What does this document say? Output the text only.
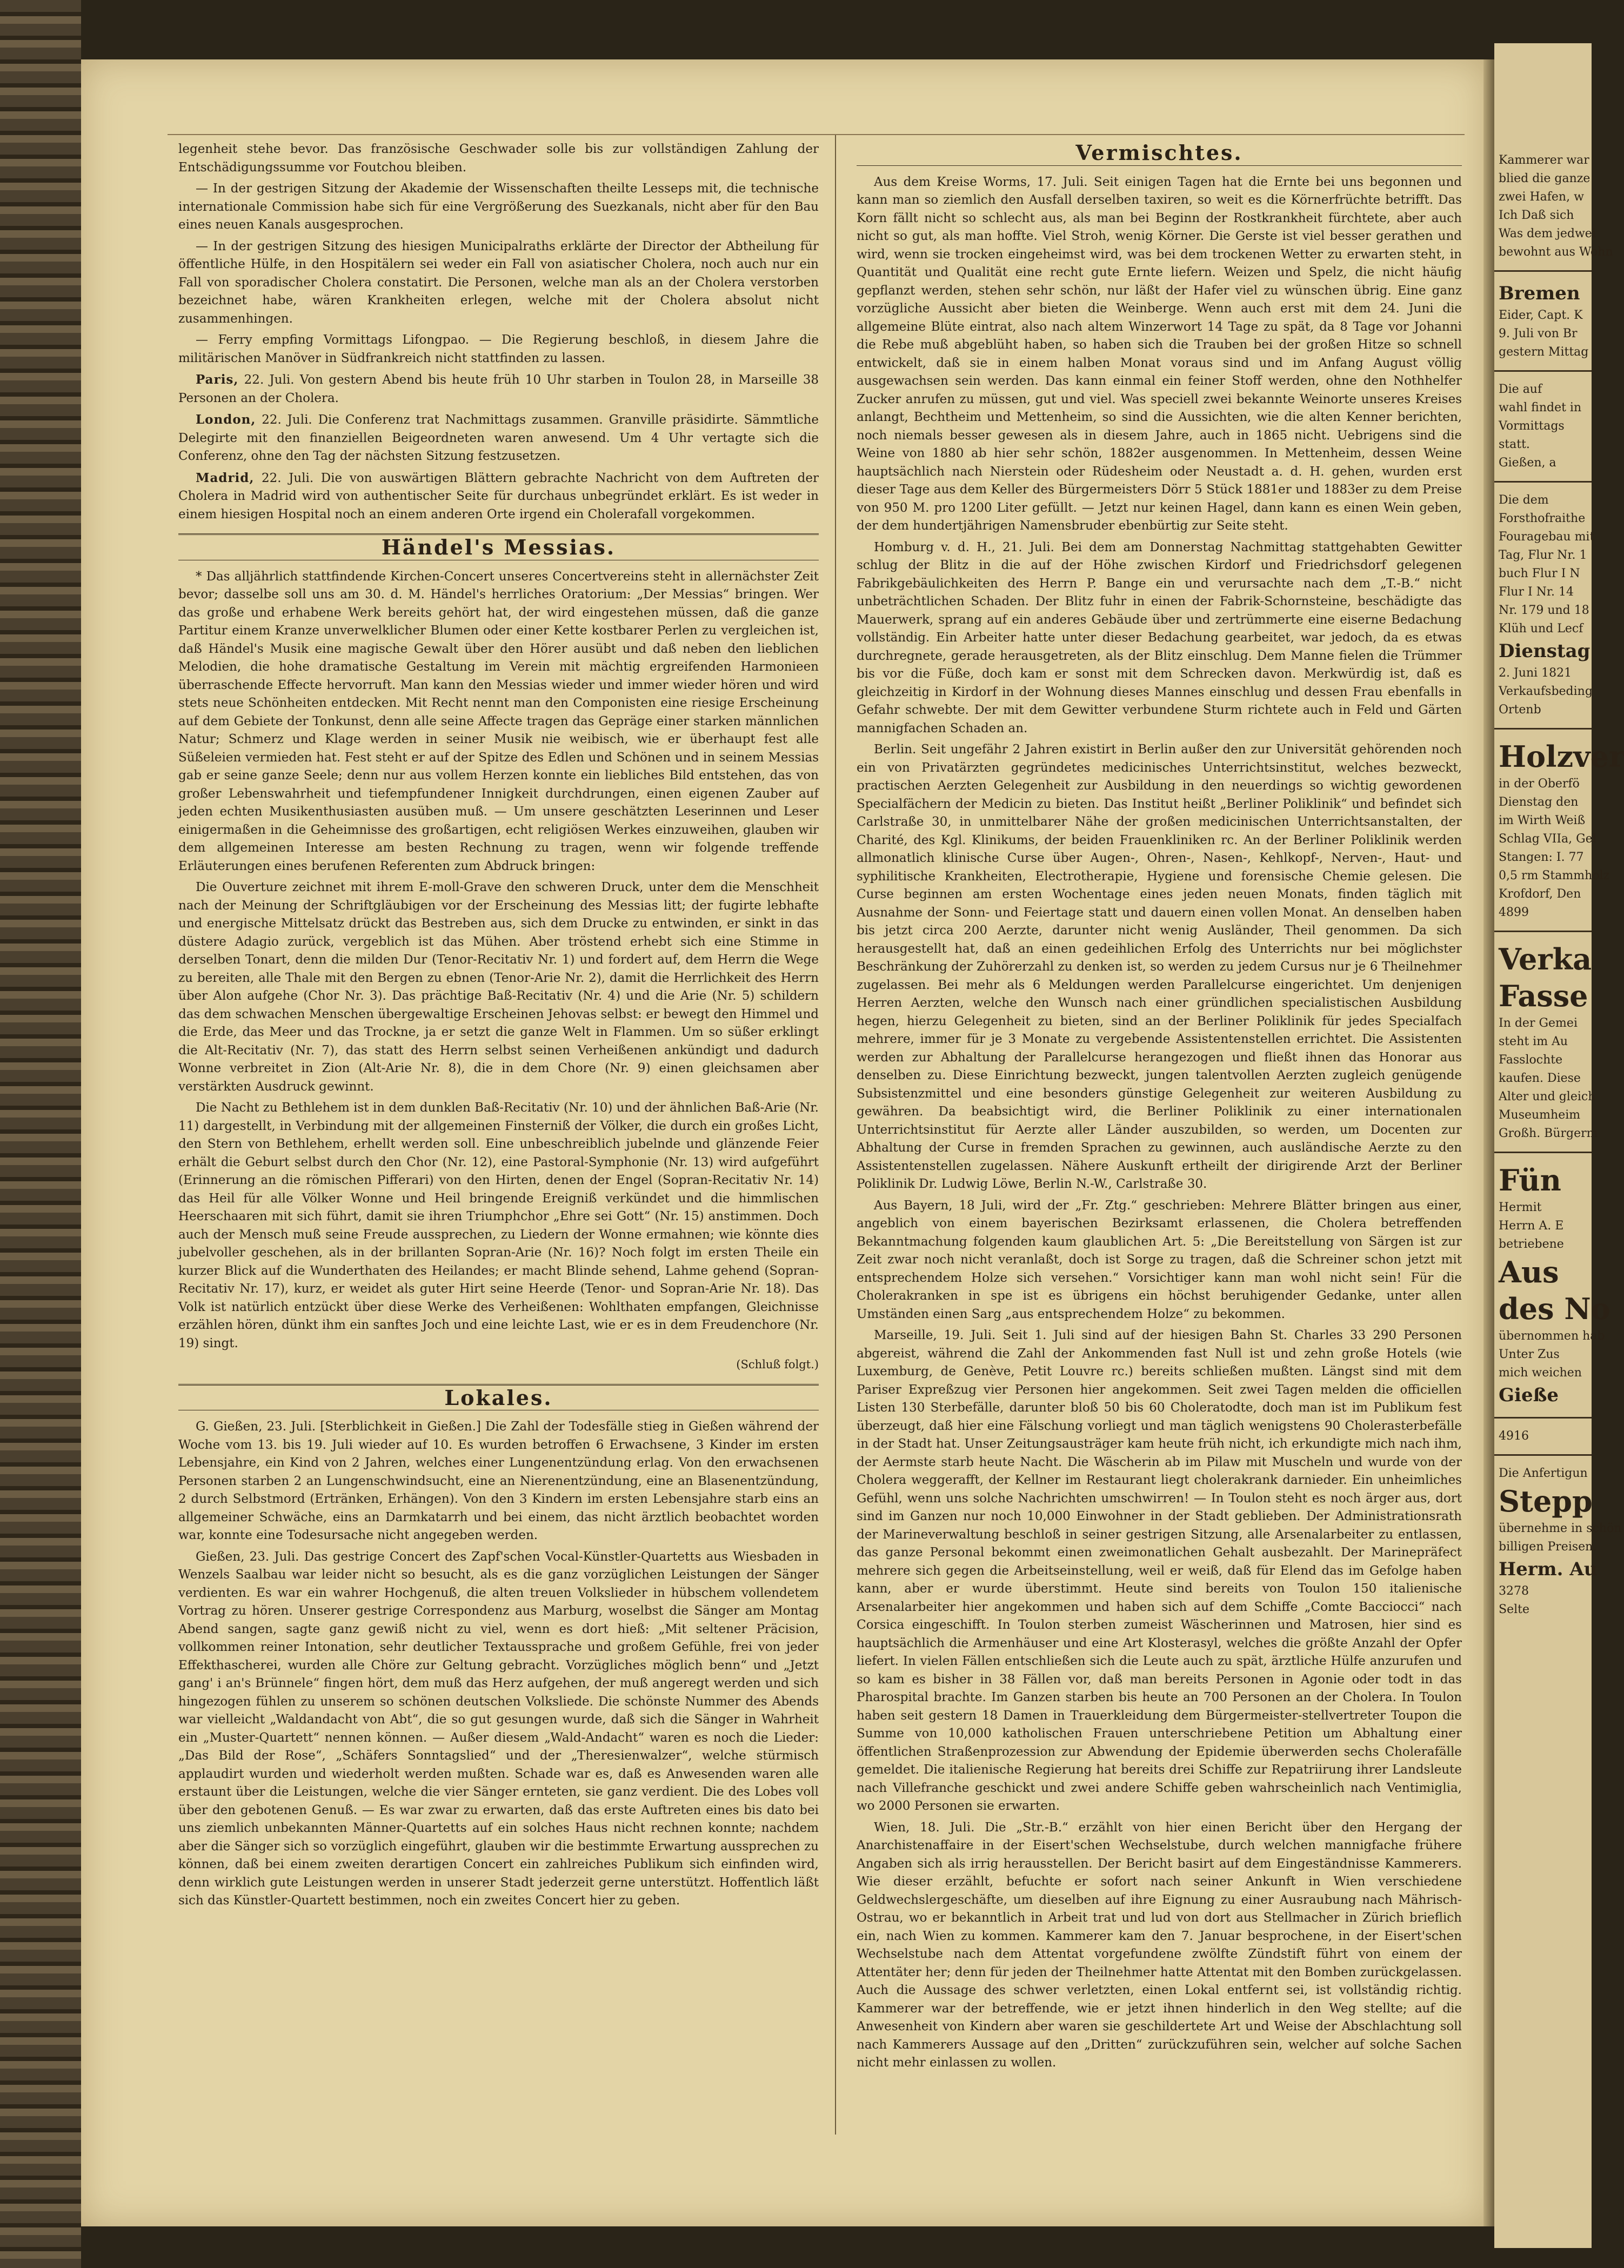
legenheit stehe bevor. Das französische Geschwader solle bis zur vollständigen Zahlung der Entschädigungssumme vor Foutchou bleiben.

— In der gestrigen Sitzung der Akademie der Wissenschaften theilte Lesseps mit, die technische internationale Commission habe sich für eine Vergrößerung des Suezkanals, nicht aber für den Bau eines neuen Kanals ausgesprochen.

— In der gestrigen Sitzung des hiesigen Municipalraths erklärte der Director der Abtheilung für öffentliche Hülfe, in den Hospitälern sei weder ein Fall von asiatischer Cholera, noch auch nur ein Fall von sporadischer Cholera constatirt. Die Personen, welche man als an der Cholera verstorben bezeichnet habe, wären Krankheiten erlegen, welche mit der Cholera absolut nicht zusammenhingen.

— Ferry empfing Vormittags Lifongpao. — Die Regierung beschloß, in diesem Jahre die militärischen Manöver in Südfrankreich nicht stattfinden zu lassen.

Paris, 22. Juli. Von gestern Abend bis heute früh 10 Uhr starben in Toulon 28, in Marseille 38 Personen an der Cholera.

London, 22. Juli. Die Conferenz trat Nachmittags zusammen. Granville präsidirte. Sämmtliche Delegirte mit den finanziellen Beigeordneten waren anwesend. Um 4 Uhr vertagte sich die Conferenz, ohne den Tag der nächsten Sitzung festzusetzen.

Madrid, 22. Juli. Die von auswärtigen Blättern gebrachte Nachricht von dem Auftreten der Cholera in Madrid wird von authentischer Seite für durchaus unbegründet erklärt. Es ist weder in einem hiesigen Hospital noch an einem anderen Orte irgend ein Cholerafall vorgekommen.

Händel's Messias.

* Das alljährlich stattfindende Kirchen-Concert unseres Concertvereins steht in allernächster Zeit bevor; dasselbe soll uns am 30. d. M. Händel's herrliches Oratorium: „Der Messias“ bringen. Wer das große und erhabene Werk bereits gehört hat, der wird eingestehen müssen, daß die ganze Partitur einem Kranze unverwelklicher Blumen oder einer Kette kostbarer Perlen zu vergleichen ist, daß Händel's Musik eine magische Gewalt über den Hörer ausübt und daß neben den lieblichen Melodien, die hohe dramatische Gestaltung im Verein mit mächtig ergreifenden Harmonieen überraschende Effecte hervorruft. Man kann den Messias wieder und immer wieder hören und wird stets neue Schönheiten entdecken. Mit Recht nennt man den Componisten eine riesige Erscheinung auf dem Gebiete der Tonkunst, denn alle seine Affecte tragen das Gepräge einer starken männlichen Natur; Schmerz und Klage werden in seiner Musik nie weibisch, wie er überhaupt fest alle Süßeleien vermieden hat. Fest steht er auf der Spitze des Edlen und Schönen und in seinem Messias gab er seine ganze Seele; denn nur aus vollem Herzen konnte ein liebliches Bild entstehen, das von großer Lebenswahrheit und tiefempfundener Innigkeit durchdrungen, einen eigenen Zauber auf jeden echten Musikenthusiasten ausüben muß. — Um unsere geschätzten Leserinnen und Leser einigermaßen in die Geheimnisse des großartigen, echt religiösen Werkes einzuweihen, glauben wir dem allgemeinen Interesse am besten Rechnung zu tragen, wenn wir folgende treffende Erläuterungen eines berufenen Referenten zum Abdruck bringen:

Die Ouverture zeichnet mit ihrem E-moll-Grave den schweren Druck, unter dem die Menschheit nach der Meinung der Schriftgläubigen vor der Erscheinung des Messias litt; der fugirte lebhafte und energische Mittelsatz drückt das Bestreben aus, sich dem Drucke zu entwinden, er sinkt in das düstere Adagio zurück, vergeblich ist das Mühen. Aber tröstend erhebt sich eine Stimme in derselben Tonart, denn die milden Dur (Tenor-Recitativ Nr. 1) und fordert auf, dem Herrn die Wege zu bereiten, alle Thale mit den Bergen zu ebnen (Tenor-Arie Nr. 2), damit die Herrlichkeit des Herrn über Alon aufgehe (Chor Nr. 3). Das prächtige Baß-Recitativ (Nr. 4) und die Arie (Nr. 5) schildern das dem schwachen Menschen übergewaltige Erscheinen Jehovas selbst: er bewegt den Himmel und die Erde, das Meer und das Trockne, ja er setzt die ganze Welt in Flammen. Um so süßer erklingt die Alt-Recitativ (Nr. 7), das statt des Herrn selbst seinen Verheißenen ankündigt und dadurch Wonne verbreitet in Zion (Alt-Arie Nr. 8), die in dem Chore (Nr. 9) einen gleichsamen aber verstärkten Ausdruck gewinnt.

Die Nacht zu Bethlehem ist in dem dunklen Baß-Recitativ (Nr. 10) und der ähnlichen Baß-Arie (Nr. 11) dargestellt, in Verbindung mit der allgemeinen Finsterniß der Völker, die durch ein großes Licht, den Stern von Bethlehem, erhellt werden soll. Eine unbeschreiblich jubelnde und glänzende Feier erhält die Geburt selbst durch den Chor (Nr. 12), eine Pastoral-Symphonie (Nr. 13) wird aufgeführt (Erinnerung an die römischen Pifferari) von den Hirten, denen der Engel (Sopran-Recitativ Nr. 14) das Heil für alle Völker Wonne und Heil bringende Ereigniß verkündet und die himmlischen Heerschaaren mit sich führt, damit sie ihren Triumphchor „Ehre sei Gott“ (Nr. 15) anstimmen. Doch auch der Mensch muß seine Freude aussprechen, zu Liedern der Wonne ermahnen; wie könnte dies jubelvoller geschehen, als in der brillanten Sopran-Arie (Nr. 16)? Noch folgt im ersten Theile ein kurzer Blick auf die Wunderthaten des Heilandes; er macht Blinde sehend, Lahme gehend (Sopran-Recitativ Nr. 17), kurz, er weidet als guter Hirt seine Heerde (Tenor- und Sopran-Arie Nr. 18). Das Volk ist natürlich entzückt über diese Werke des Verheißenen: Wohlthaten empfangen, Gleichnisse erzählen hören, dünkt ihm ein sanftes Joch und eine leichte Last, wie er es in dem Freudenchore (Nr. 19) singt.

(Schluß folgt.)
Lokales.

G. Gießen, 23. Juli. [Sterblichkeit in Gießen.] Die Zahl der Todesfälle stieg in Gießen während der Woche vom 13. bis 19. Juli wieder auf 10. Es wurden betroffen 6 Erwachsene, 3 Kinder im ersten Lebensjahre, ein Kind von 2 Jahren, welches einer Lungenentzündung erlag. Von den erwachsenen Personen starben 2 an Lungenschwindsucht, eine an Nierenentzündung, eine an Blasenentzündung, 2 durch Selbstmord (Ertränken, Erhängen). Von den 3 Kindern im ersten Lebensjahre starb eins an allgemeiner Schwäche, eins an Darmkatarrh und bei einem, das nicht ärztlich beobachtet worden war, konnte eine Todesursache nicht angegeben werden.

Gießen, 23. Juli. Das gestrige Concert des Zapf'schen Vocal-Künstler-Quartetts aus Wiesbaden in Wenzels Saalbau war leider nicht so besucht, als es die ganz vorzüglichen Leistungen der Sänger verdienten. Es war ein wahrer Hochgenuß, die alten treuen Volkslieder in hübschem vollendetem Vortrag zu hören. Unserer gestrige Correspondenz aus Marburg, woselbst die Sänger am Montag Abend sangen, sagte ganz gewiß nicht zu viel, wenn es dort hieß: „Mit seltener Präcision, vollkommen reiner Intonation, sehr deutlicher Textaussprache und großem Gefühle, frei von jeder Effekthascherei, wurden alle Chöre zur Geltung gebracht. Vorzügliches möglich benn“ und „Jetzt gang' i an's Brünnele“ fingen hört, dem muß das Herz aufgehen, der muß angeregt werden und sich hingezogen fühlen zu unserem so schönen deutschen Volksliede. Die schönste Nummer des Abends war vielleicht „Waldandacht von Abt“, die so gut gesungen wurde, daß sich die Sänger in Wahrheit ein „Muster-Quartett“ nennen können. — Außer diesem „Wald-Andacht“ waren es noch die Lieder: „Das Bild der Rose“, „Schäfers Sonntagslied“ und der „Theresienwalzer“, welche stürmisch applaudirt wurden und wiederholt werden mußten. Schade war es, daß es Anwesenden waren alle erstaunt über die Leistungen, welche die vier Sänger ernteten, sie ganz verdient. Die des Lobes voll über den gebotenen Genuß. — Es war zwar zu erwarten, daß das erste Auftreten eines bis dato bei uns ziemlich unbekannten Männer-Quartetts auf ein solches Haus nicht rechnen konnte; nachdem aber die Sänger sich so vorzüglich eingeführt, glauben wir die bestimmte Erwartung aussprechen zu können, daß bei einem zweiten derartigen Concert ein zahlreiches Publikum sich einfinden wird, denn wirklich gute Leistungen werden in unserer Stadt jederzeit gerne unterstützt. Hoffentlich läßt sich das Künstler-Quartett bestimmen, noch ein zweites Concert hier zu geben.

Vermischtes.

Aus dem Kreise Worms, 17. Juli. Seit einigen Tagen hat die Ernte bei uns begonnen und kann man so ziemlich den Ausfall derselben taxiren, so weit es die Körnerfrüchte betrifft. Das Korn fällt nicht so schlecht aus, als man bei Beginn der Rostkrankheit fürchtete, aber auch nicht so gut, als man hoffte. Viel Stroh, wenig Körner. Die Gerste ist viel besser gerathen und wird, wenn sie trocken eingeheimst wird, was bei dem trockenen Wetter zu erwarten steht, in Quantität und Qualität eine recht gute Ernte liefern. Weizen und Spelz, die nicht häufig gepflanzt werden, stehen sehr schön, nur läßt der Hafer viel zu wünschen übrig. Eine ganz vorzügliche Aussicht aber bieten die Weinberge. Wenn auch erst mit dem 24. Juni die allgemeine Blüte eintrat, also nach altem Winzerwort 14 Tage zu spät, da 8 Tage vor Johanni die Rebe muß abgeblüht haben, so haben sich die Trauben bei der großen Hitze so schnell entwickelt, daß sie in einem halben Monat voraus sind und im Anfang August völlig ausgewachsen sein werden. Das kann einmal ein feiner Stoff werden, ohne den Nothhelfer Zucker anrufen zu müssen, gut und viel. Was speciell zwei bekannte Weinorte unseres Kreises anlangt, Bechtheim und Mettenheim, so sind die Aussichten, wie die alten Kenner berichten, noch niemals besser gewesen als in diesem Jahre, auch in 1865 nicht. Uebrigens sind die Weine von 1880 ab hier sehr schön, 1882er ausgenommen. In Mettenheim, dessen Weine hauptsächlich nach Nierstein oder Rüdesheim oder Neustadt a. d. H. gehen, wurden erst dieser Tage aus dem Keller des Bürgermeisters Dörr 5 Stück 1881er und 1883er zu dem Preise von 950 M. pro 1200 Liter gefüllt. — Jetzt nur keinen Hagel, dann kann es einen Wein geben, der dem hundertjährigen Namensbruder ebenbürtig zur Seite steht.

Homburg v. d. H., 21. Juli. Bei dem am Donnerstag Nachmittag stattgehabten Gewitter schlug der Blitz in die auf der Höhe zwischen Kirdorf und Friedrichsdorf gelegenen Fabrikgebäulichkeiten des Herrn P. Bange ein und verursachte nach dem „T.-B.“ nicht unbeträchtlichen Schaden. Der Blitz fuhr in einen der Fabrik-Schornsteine, beschädigte das Mauerwerk, sprang auf ein anderes Gebäude über und zertrümmerte eine eiserne Bedachung vollständig. Ein Arbeiter hatte unter dieser Bedachung gearbeitet, war jedoch, da es etwas durchregnete, gerade herausgetreten, als der Blitz einschlug. Dem Manne fielen die Trümmer bis vor die Füße, doch kam er sonst mit dem Schrecken davon. Merkwürdig ist, daß es gleichzeitig in Kirdorf in der Wohnung dieses Mannes einschlug und dessen Frau ebenfalls in Gefahr schwebte. Der mit dem Gewitter verbundene Sturm richtete auch in Feld und Gärten mannigfachen Schaden an.

Berlin. Seit ungefähr 2 Jahren existirt in Berlin außer den zur Universität gehörenden noch ein von Privatärzten gegründetes medicinisches Unterrichtsinstitut, welches bezweckt, practischen Aerzten Gelegenheit zur Ausbildung in den neuerdings so wichtig gewordenen Specialfächern der Medicin zu bieten. Das Institut heißt „Berliner Poliklinik“ und befindet sich Carlstraße 30, in unmittelbarer Nähe der großen medicinischen Unterrichtsanstalten, der Charité, des Kgl. Klinikums, der beiden Frauenkliniken rc. An der Berliner Poliklinik werden allmonatlich klinische Curse über Augen-, Ohren-, Nasen-, Kehlkopf-, Nerven-, Haut- und syphilitische Krankheiten, Electrotherapie, Hygiene und forensische Chemie gelesen. Die Curse beginnen am ersten Wochentage eines jeden neuen Monats, finden täglich mit Ausnahme der Sonn- und Feiertage statt und dauern einen vollen Monat. An denselben haben bis jetzt circa 200 Aerzte, darunter nicht wenig Ausländer, Theil genommen. Da sich herausgestellt hat, daß an einen gedeihlichen Erfolg des Unterrichts nur bei möglichster Beschränkung der Zuhörerzahl zu denken ist, so werden zu jedem Cursus nur je 6 Theilnehmer zugelassen. Bei mehr als 6 Meldungen werden Parallelcurse eingerichtet. Um denjenigen Herren Aerzten, welche den Wunsch nach einer gründlichen specialistischen Ausbildung hegen, hierzu Gelegenheit zu bieten, sind an der Berliner Poliklinik für jedes Specialfach mehrere, immer für je 3 Monate zu vergebende Assistentenstellen errichtet. Die Assistenten werden zur Abhaltung der Parallelcurse herangezogen und fließt ihnen das Honorar aus denselben zu. Diese Einrichtung bezweckt, jungen talentvollen Aerzten zugleich genügende Subsistenzmittel und eine besonders günstige Gelegenheit zur weiteren Ausbildung zu gewähren. Da beabsichtigt wird, die Berliner Poliklinik zu einer internationalen Unterrichtsinstitut für Aerzte aller Länder auszubilden, so werden, um Docenten zur Abhaltung der Curse in fremden Sprachen zu gewinnen, auch ausländische Aerzte zu den Assistentenstellen zugelassen. Nähere Auskunft ertheilt der dirigirende Arzt der Berliner Poliklinik Dr. Ludwig Löwe, Berlin N.-W., Carlstraße 30.

Aus Bayern, 18 Juli, wird der „Fr. Ztg.“ geschrieben: Mehrere Blätter bringen aus einer, angeblich von einem bayerischen Bezirksamt erlassenen, die Cholera betreffenden Bekanntmachung folgenden kaum glaublichen Art. 5: „Die Bereitstellung von Särgen ist zur Zeit zwar noch nicht veranlaßt, doch ist Sorge zu tragen, daß die Schreiner schon jetzt mit entsprechendem Holze sich versehen.“ Vorsichtiger kann man wohl nicht sein! Für die Cholerakranken in spe ist es übrigens ein höchst beruhigender Gedanke, unter allen Umständen einen Sarg „aus entsprechendem Holze“ zu bekommen.

Marseille, 19. Juli. Seit 1. Juli sind auf der hiesigen Bahn St. Charles 33 290 Personen abgereist, während die Zahl der Ankommenden fast Null ist und zehn große Hotels (wie Luxemburg, de Genève, Petit Louvre rc.) bereits schließen mußten. Längst sind mit dem Pariser Expreßzug vier Personen hier angekommen. Seit zwei Tagen melden die officiellen Listen 130 Sterbefälle, darunter bloß 50 bis 60 Choleratodte, doch man ist im Publikum fest überzeugt, daß hier eine Fälschung vorliegt und man täglich wenigstens 90 Cholerasterbefälle in der Stadt hat. Unser Zeitungsausträger kam heute früh nicht, ich erkundigte mich nach ihm, der Aermste starb heute Nacht. Die Wäscherin ab im Pilaw mit Muscheln und wurde von der Cholera weggerafft, der Kellner im Restaurant liegt cholerakrank darnieder. Ein unheimliches Gefühl, wenn uns solche Nachrichten umschwirren! — In Toulon steht es noch ärger aus, dort sind im Ganzen nur noch 10,000 Einwohner in der Stadt geblieben. Der Administrationsrath der Marineverwaltung beschloß in seiner gestrigen Sitzung, alle Arsenalarbeiter zu entlassen, das ganze Personal bekommt einen zweimonatlichen Gehalt ausbezahlt. Der Marinepräfect mehrere sich gegen die Arbeitseinstellung, weil er weiß, daß für Elend das im Gefolge haben kann, aber er wurde überstimmt. Heute sind bereits von Toulon 150 italienische Arsenalarbeiter hier angekommen und haben sich auf dem Schiffe „Comte Bacciocci“ nach Corsica eingeschifft. In Toulon sterben zumeist Wäscherinnen und Matrosen, hier sind es hauptsächlich die Armenhäuser und eine Art Klosterasyl, welches die größte Anzahl der Opfer liefert. In vielen Fällen entschließen sich die Leute auch zu spät, ärztliche Hülfe anzurufen und so kam es bisher in 38 Fällen vor, daß man bereits Personen in Agonie oder todt in das Pharospital brachte. Im Ganzen starben bis heute an 700 Personen an der Cholera. In Toulon haben seit gestern 18 Damen in Trauerkleidung dem Bürgermeister-stellvertreter Toupon die Summe von 10,000 katholischen Frauen unterschriebene Petition um Abhaltung einer öffentlichen Straßenprozession zur Abwendung der Epidemie überwerden sechs Cholerafälle gemeldet. Die italienische Regierung hat bereits drei Schiffe zur Repatriirung ihrer Landsleute nach Villefranche geschickt und zwei andere Schiffe geben wahrscheinlich nach Ventimiglia, wo 2000 Personen sie erwarten.

Wien, 18. Juli. Die „Str.-B.“ erzählt von hier einen Bericht über den Hergang der Anarchistenaffaire in der Eisert'schen Wechselstube, durch welchen mannigfache frühere Angaben sich als irrig herausstellen. Der Bericht basirt auf dem Eingeständnisse Kammerers. Wie dieser erzählt, befuchte er sofort nach seiner Ankunft in Wien verschiedene Geldwechslergeschäfte, um dieselben auf ihre Eignung zu einer Ausraubung nach Mährisch-Ostrau, wo er bekanntlich in Arbeit trat und lud von dort aus Stellmacher in Zürich brieflich ein, nach Wien zu kommen. Kammerer kam den 7. Januar besprochene, in der Eisert'schen Wechselstube nach dem Attentat vorgefundene zwölfte Zündstift führt von einem der Attentäter her; denn für jeden der Theilnehmer hatte Attentat mit den Bomben zurückgelassen. Auch die Aussage des schwer verletzten, einen Lokal entfernt sei, ist vollständig richtig. Kammerer war der betreffende, wie er jetzt ihnen hinderlich in den Weg stellte; auf die Anwesenheit von Kindern aber waren sie geschildertete Art und Weise der Abschlachtung soll nach Kammerers Aussage auf den „Dritten“ zurückzuführen sein, welcher auf solche Sachen nicht mehr einlassen zu wollen.

Kammerer war
blied die ganze
zwei Hafen, w
Ich Daß sich
Was dem jedwei
bewohnt aus Wohn
Bremen
Eider, Capt. K
9. Juli von Br
gestern Mittag
Die auf
wahl findet in
Vormittags
statt.
Gießen, a
Die dem
Forsthofraithe
Fouragebau mit
Tag, Flur Nr. 1
buch Flur I N
Flur I Nr. 14
Nr. 179 und 18
Klüh und Lecf
Dienstag
2. Juni 1821
Verkaufsbeding
Ortenb
Holzver
in der Oberfö
Dienstag den
im Wirth Weiß
Schlag VIIa, Gel
Stangen: I. 77
0,5 rm Stammholz
Krofdorf, Den
4899
Verka
Fasse
In der Gemei
steht im Au
Fasslochte
kaufen. Diese
Alter und gleich
Museumheim
Großh. Bürgerm
Fün
Hermit
Herrn A. E
betriebene
Aus
des No
übernommen hab
Unter Zus
mich weichen
Gieße
4916
Die Anfertigun
Stepp
übernehme in schön
billigen Preisen.
Herm. Au
3278
Selte
